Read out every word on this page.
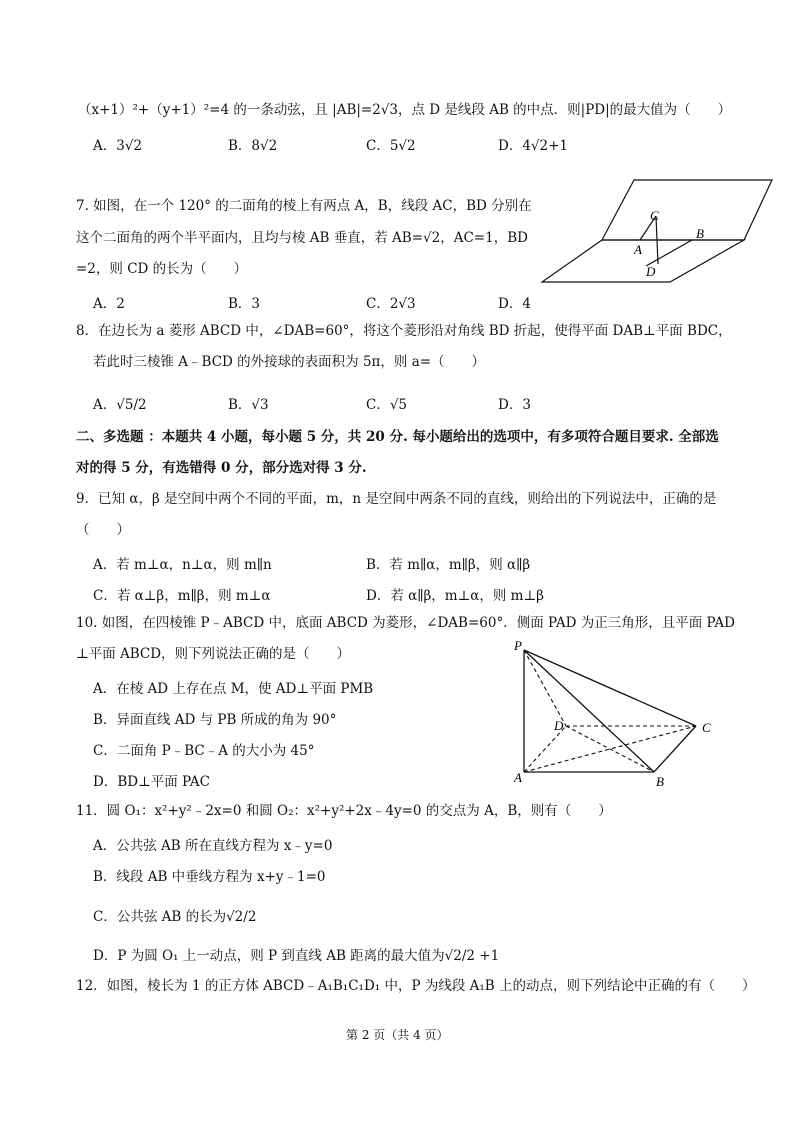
（x+1）²+（y+1）²=4 的一条动弦，且 |AB|=2√3，点 D 是线段 AB 的中点．则|PD|的最大值为（　　）
A．3√2	B．8√2	C．5√2	D．4√2+1
7. 如图，在一个 120° 的二面角的棱上有两点 A，B，线段 AC，BD 分别在
这个二面角的两个半平面内，且均与棱 AB 垂直，若 AB=√2，AC=1，BD
=2，则 CD 的长为（　　）
A．2	B．3	C．2√3	D．4
C
B
A
D
8．在边长为 a 菱形 ABCD 中，∠DAB=60°，将这个菱形沿对角线 BD 折起，使得平面 DAB⊥平面 BDC，
若此时三棱锥 A﹣BCD 的外接球的表面积为 5π，则 a=（　　）
A．√5/2	B．√3	C．√5	D．3
二、多选题 ：本题共 4 小题，每小题 5 分，共 20 分. 每小题给出的选项中，有多项符合题目要求. 全部选
对的得 5 分，有选错得 0 分，部分选对得 3 分.
9．已知 α，β 是空间中两个不同的平面，m，n 是空间中两条不同的直线，则给出的下列说法中，正确的是
（　　）
A．若 m⊥α，n⊥α，则 m∥n	B．若 m∥α，m∥β，则 α∥β
C．若 α⊥β，m∥β，则 m⊥α	D．若 α∥β，m⊥α，则 m⊥β
10. 如图，在四棱锥 P﹣ABCD 中，底面 ABCD 为菱形，∠DAB=60°．侧面 PAD 为正三角形，且平面 PAD
⊥平面 ABCD，则下列说法正确的是（　　）
A．在棱 AD 上存在点 M，使 AD⊥平面 PMB
B．异面直线 AD 与 PB 所成的角为 90°
C．二面角 P﹣BC﹣A 的大小为 45°
D．BD⊥平面 PAC
P
D	C
A	B
11．圆 O₁：x²+y²﹣2x=0 和圆 O₂：x²+y²+2x﹣4y=0 的交点为 A，B，则有（　　）
A．公共弦 AB 所在直线方程为 x﹣y=0
B．线段 AB 中垂线方程为 x+y﹣1=0
C．公共弦 AB 的长为√2/2
D．P 为圆 O₁ 上一动点，则 P 到直线 AB 距离的最大值为√2/2 +1
12．如图，棱长为 1 的正方体 ABCD﹣A₁B₁C₁D₁ 中，P 为线段 A₁B 上的动点，则下列结论中正确的有（　　）
第 2 页（共 4 页）
